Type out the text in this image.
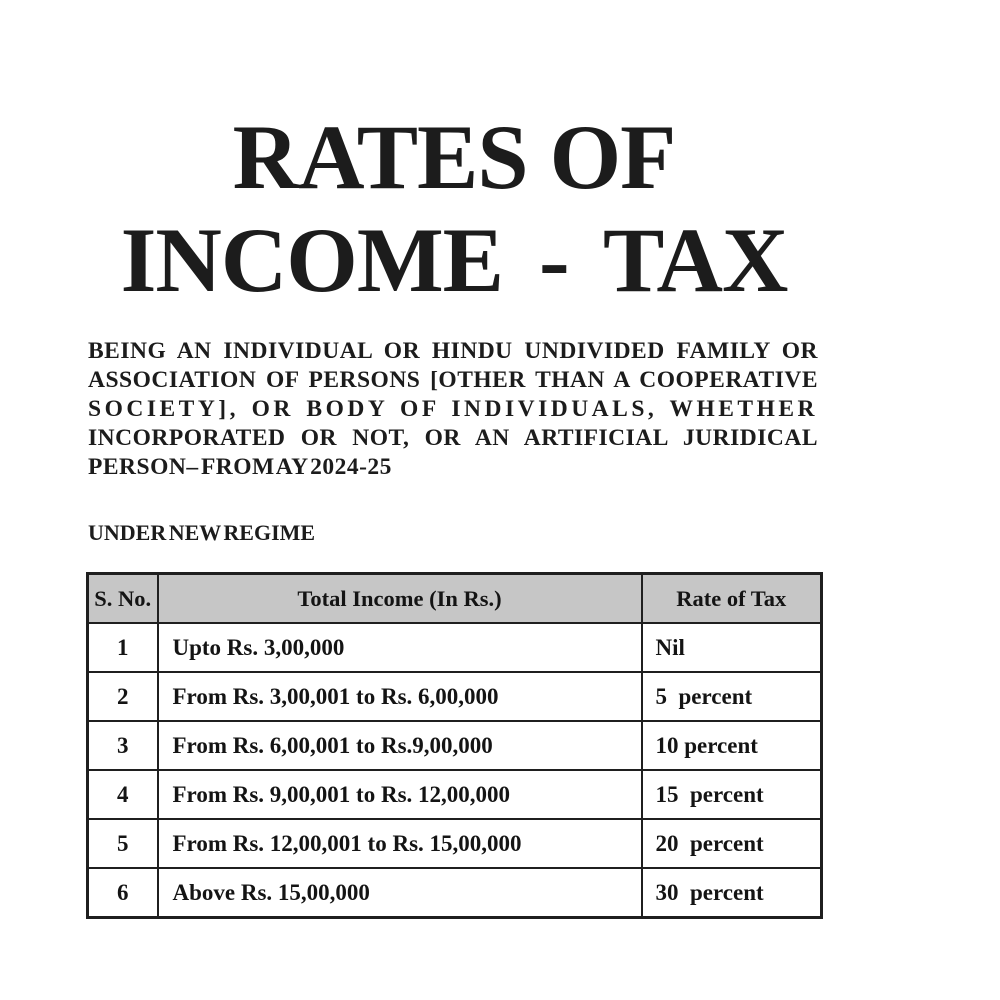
RATES OF
INCOME - TAX
BEING AN INDIVIDUAL OR HINDU UNDIVIDED FAMILY OR
ASSOCIATION OF PERSONS [OTHER THAN A COOPERATIVE
SOCIETY], OR BODY OF INDIVIDUALS, WHETHER
INCORPORATED OR NOT, OR AN ARTIFICIAL JURIDICAL
PERSON– FROM AY 2024-25
UNDER NEW REGIME
S. No.	Total Income (In Rs.)	Rate of Tax
1	Upto Rs. 3,00,000	Nil
2	From Rs. 3,00,001 to Rs. 6,00,000	5  percent
3	From Rs. 6,00,001 to Rs.9,00,000	10 percent
4	From Rs. 9,00,001 to Rs. 12,00,000	15  percent
5	From Rs. 12,00,001 to Rs. 15,00,000	20  percent
6	Above Rs. 15,00,000	30  percent
